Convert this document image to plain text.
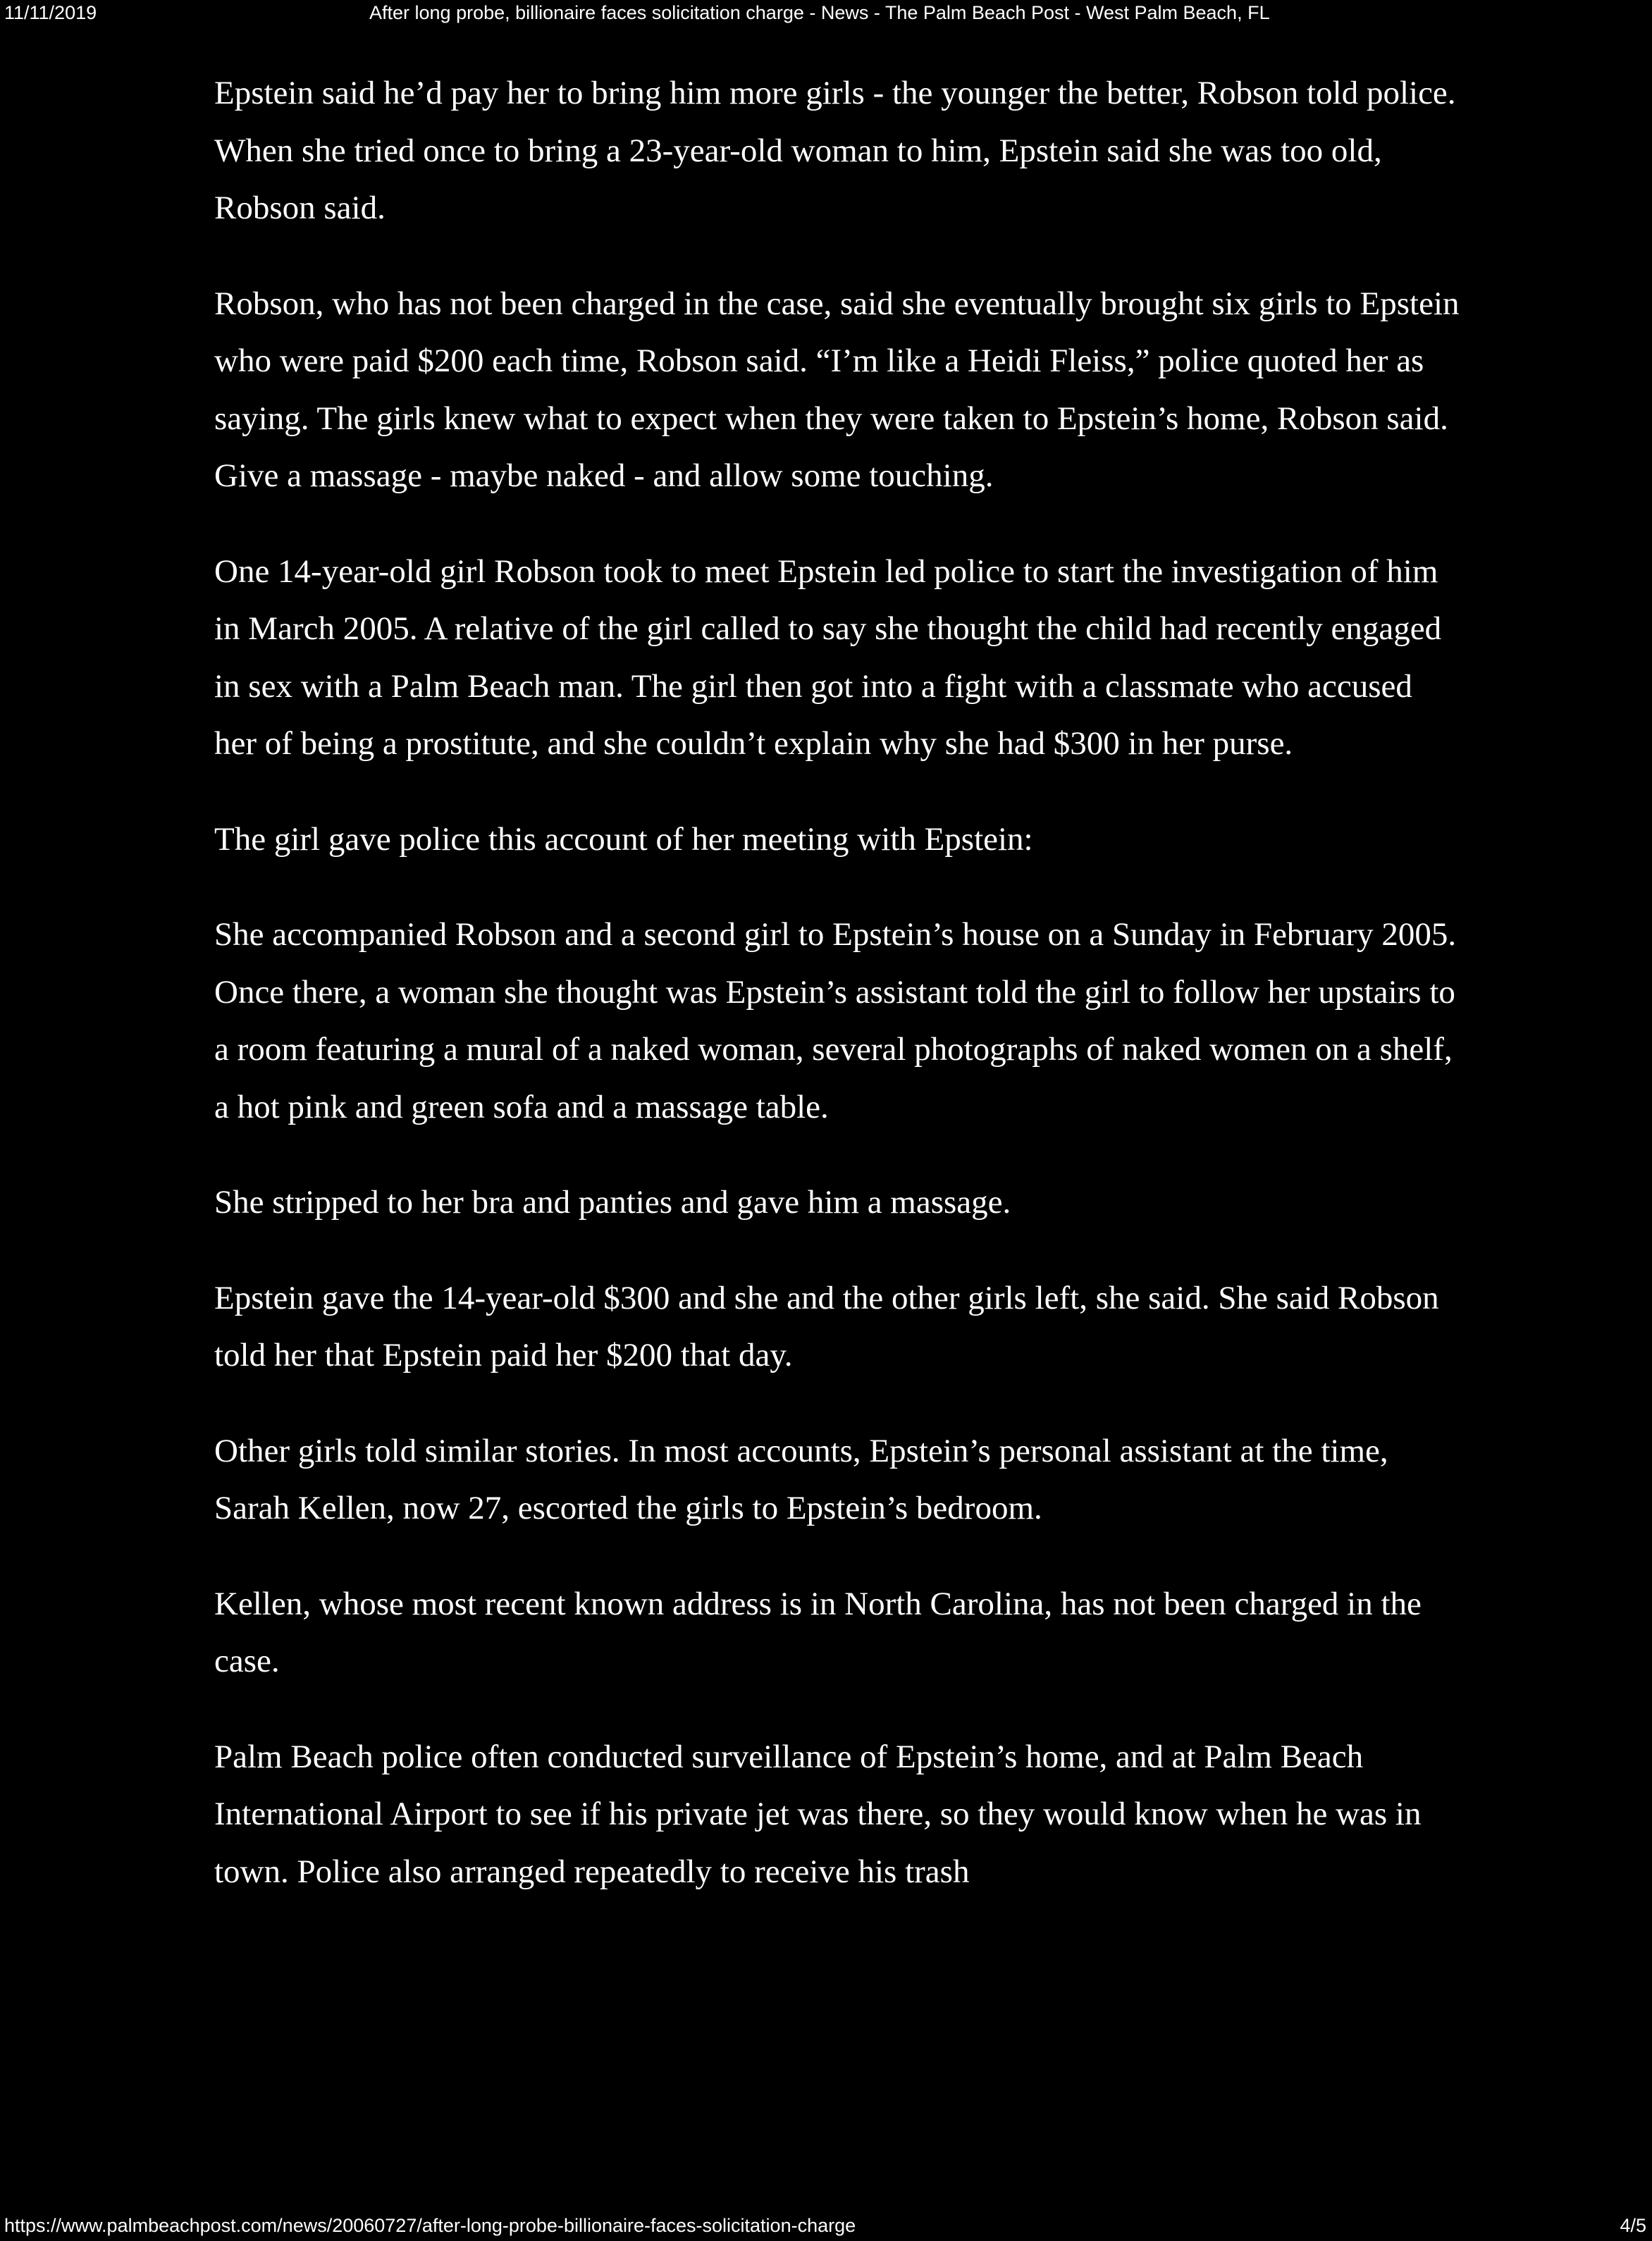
11/11/2019	After long probe, billionaire faces solicitation charge - News - The Palm Beach Post - West Palm Beach, FL

Epstein said he’d pay her to bring him more girls - the younger the better, Robson told police. When she tried once to bring a 23-year-old woman to him, Epstein said she was too old, Robson said.

Robson, who has not been charged in the case, said she eventually brought six girls to Epstein who were paid $200 each time, Robson said. “I’m like a Heidi Fleiss,” police quoted her as saying. The girls knew what to expect when they were taken to Epstein’s home, Robson said. Give a massage - maybe naked - and allow some touching.

One 14-year-old girl Robson took to meet Epstein led police to start the investigation of him in March 2005. A relative of the girl called to say she thought the child had recently engaged in sex with a Palm Beach man. The girl then got into a fight with a classmate who accused her of being a prostitute, and she couldn’t explain why she had $300 in her purse.

The girl gave police this account of her meeting with Epstein:

She accompanied Robson and a second girl to Epstein’s house on a Sunday in February 2005. Once there, a woman she thought was Epstein’s assistant told the girl to follow her upstairs to a room featuring a mural of a naked woman, several photographs of naked women on a shelf, a hot pink and green sofa and a massage table.

She stripped to her bra and panties and gave him a massage.

Epstein gave the 14-year-old $300 and she and the other girls left, she said. She said Robson told her that Epstein paid her $200 that day.

Other girls told similar stories. In most accounts, Epstein’s personal assistant at the time, Sarah Kellen, now 27, escorted the girls to Epstein’s bedroom.

Kellen, whose most recent known address is in North Carolina, has not been charged in the case.

Palm Beach police often conducted surveillance of Epstein’s home, and at Palm Beach International Airport to see if his private jet was there, so they would know when he was in town. Police also arranged repeatedly to receive his trash

https://www.palmbeachpost.com/news/20060727/after-long-probe-billionaire-faces-solicitation-charge	4/5
